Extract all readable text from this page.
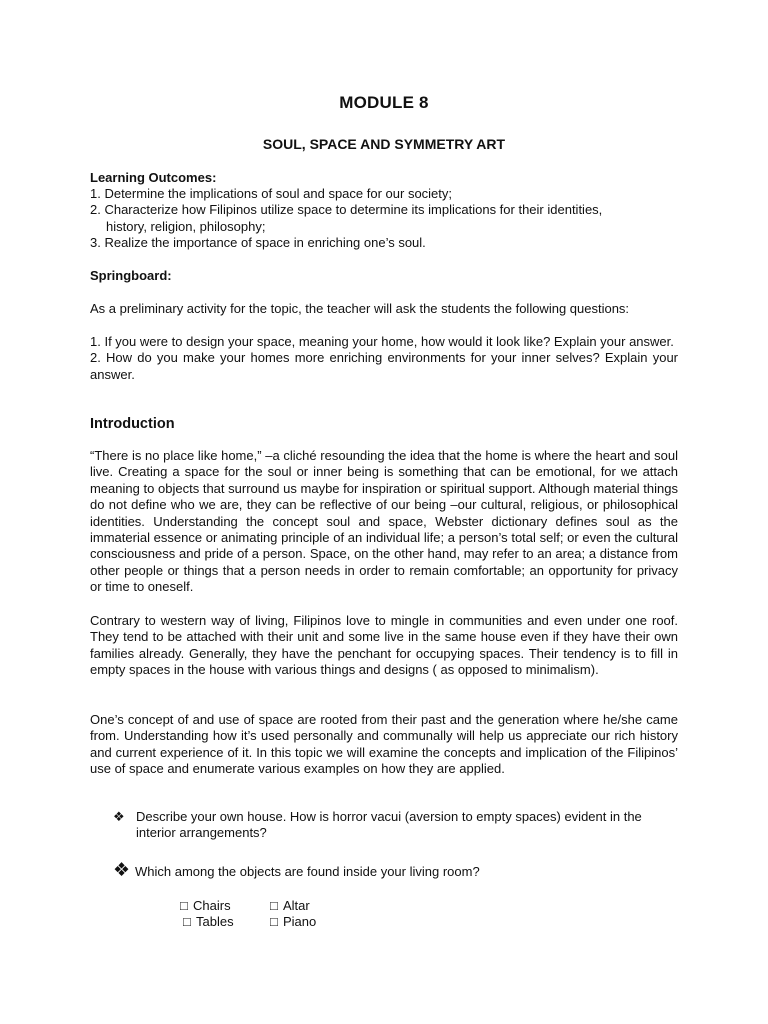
MODULE 8
SOUL, SPACE AND SYMMETRY ART
Learning Outcomes:
1. Determine the implications of soul and space for our society;
2. Characterize how Filipinos utilize space to determine its implications for their identities,
history, religion, philosophy;
3. Realize the importance of space in enriching one’s soul.
Springboard:
As a preliminary activity for the topic, the teacher will ask the students the following questions:
1. If you were to design your space, meaning your home, how would it look like? Explain your answer.
2. How do you make your homes more enriching environments for your inner selves? Explain your answer.
Introduction
“There is no place like home,” –a cliché resounding the idea that the home is where the heart and soul live. Creating a space for the soul or inner being is something that can be emotional, for we attach meaning to objects that surround us maybe for inspiration or spiritual support. Although material things do not define who we are, they can be reflective of our being –our cultural, religious, or philosophical identities. Understanding the concept soul and space, Webster dictionary defines soul as the immaterial essence or animating principle of an individual life; a person’s total self; or even the cultural consciousness and pride of a person. Space, on the other hand, may refer to an area; a distance from other people or things that a person needs in order to remain comfortable; an opportunity for privacy or time to oneself.
Contrary to western way of living, Filipinos love to mingle in communities and even under one roof. They tend to be attached with their unit and some live in the same house even if they have their own families already. Generally, they have the penchant for occupying spaces. Their tendency is to fill in empty spaces in the house with various things and designs ( as opposed to minimalism).
One’s concept of and use of space are rooted from their past and the generation where he/she came from. Understanding how it’s used personally and communally will help us appreciate our rich history and current experience of it. In this topic we will examine the concepts and implication of the Filipinos’ use of space and enumerate various examples on how they are applied.
❖ Describe your own house. How is horror vacui (aversion to empty spaces) evident in the interior arrangements?
❖ Which among the objects are found inside your living room?
□ Chairs	□ Altar
□ Tables	□ Piano
